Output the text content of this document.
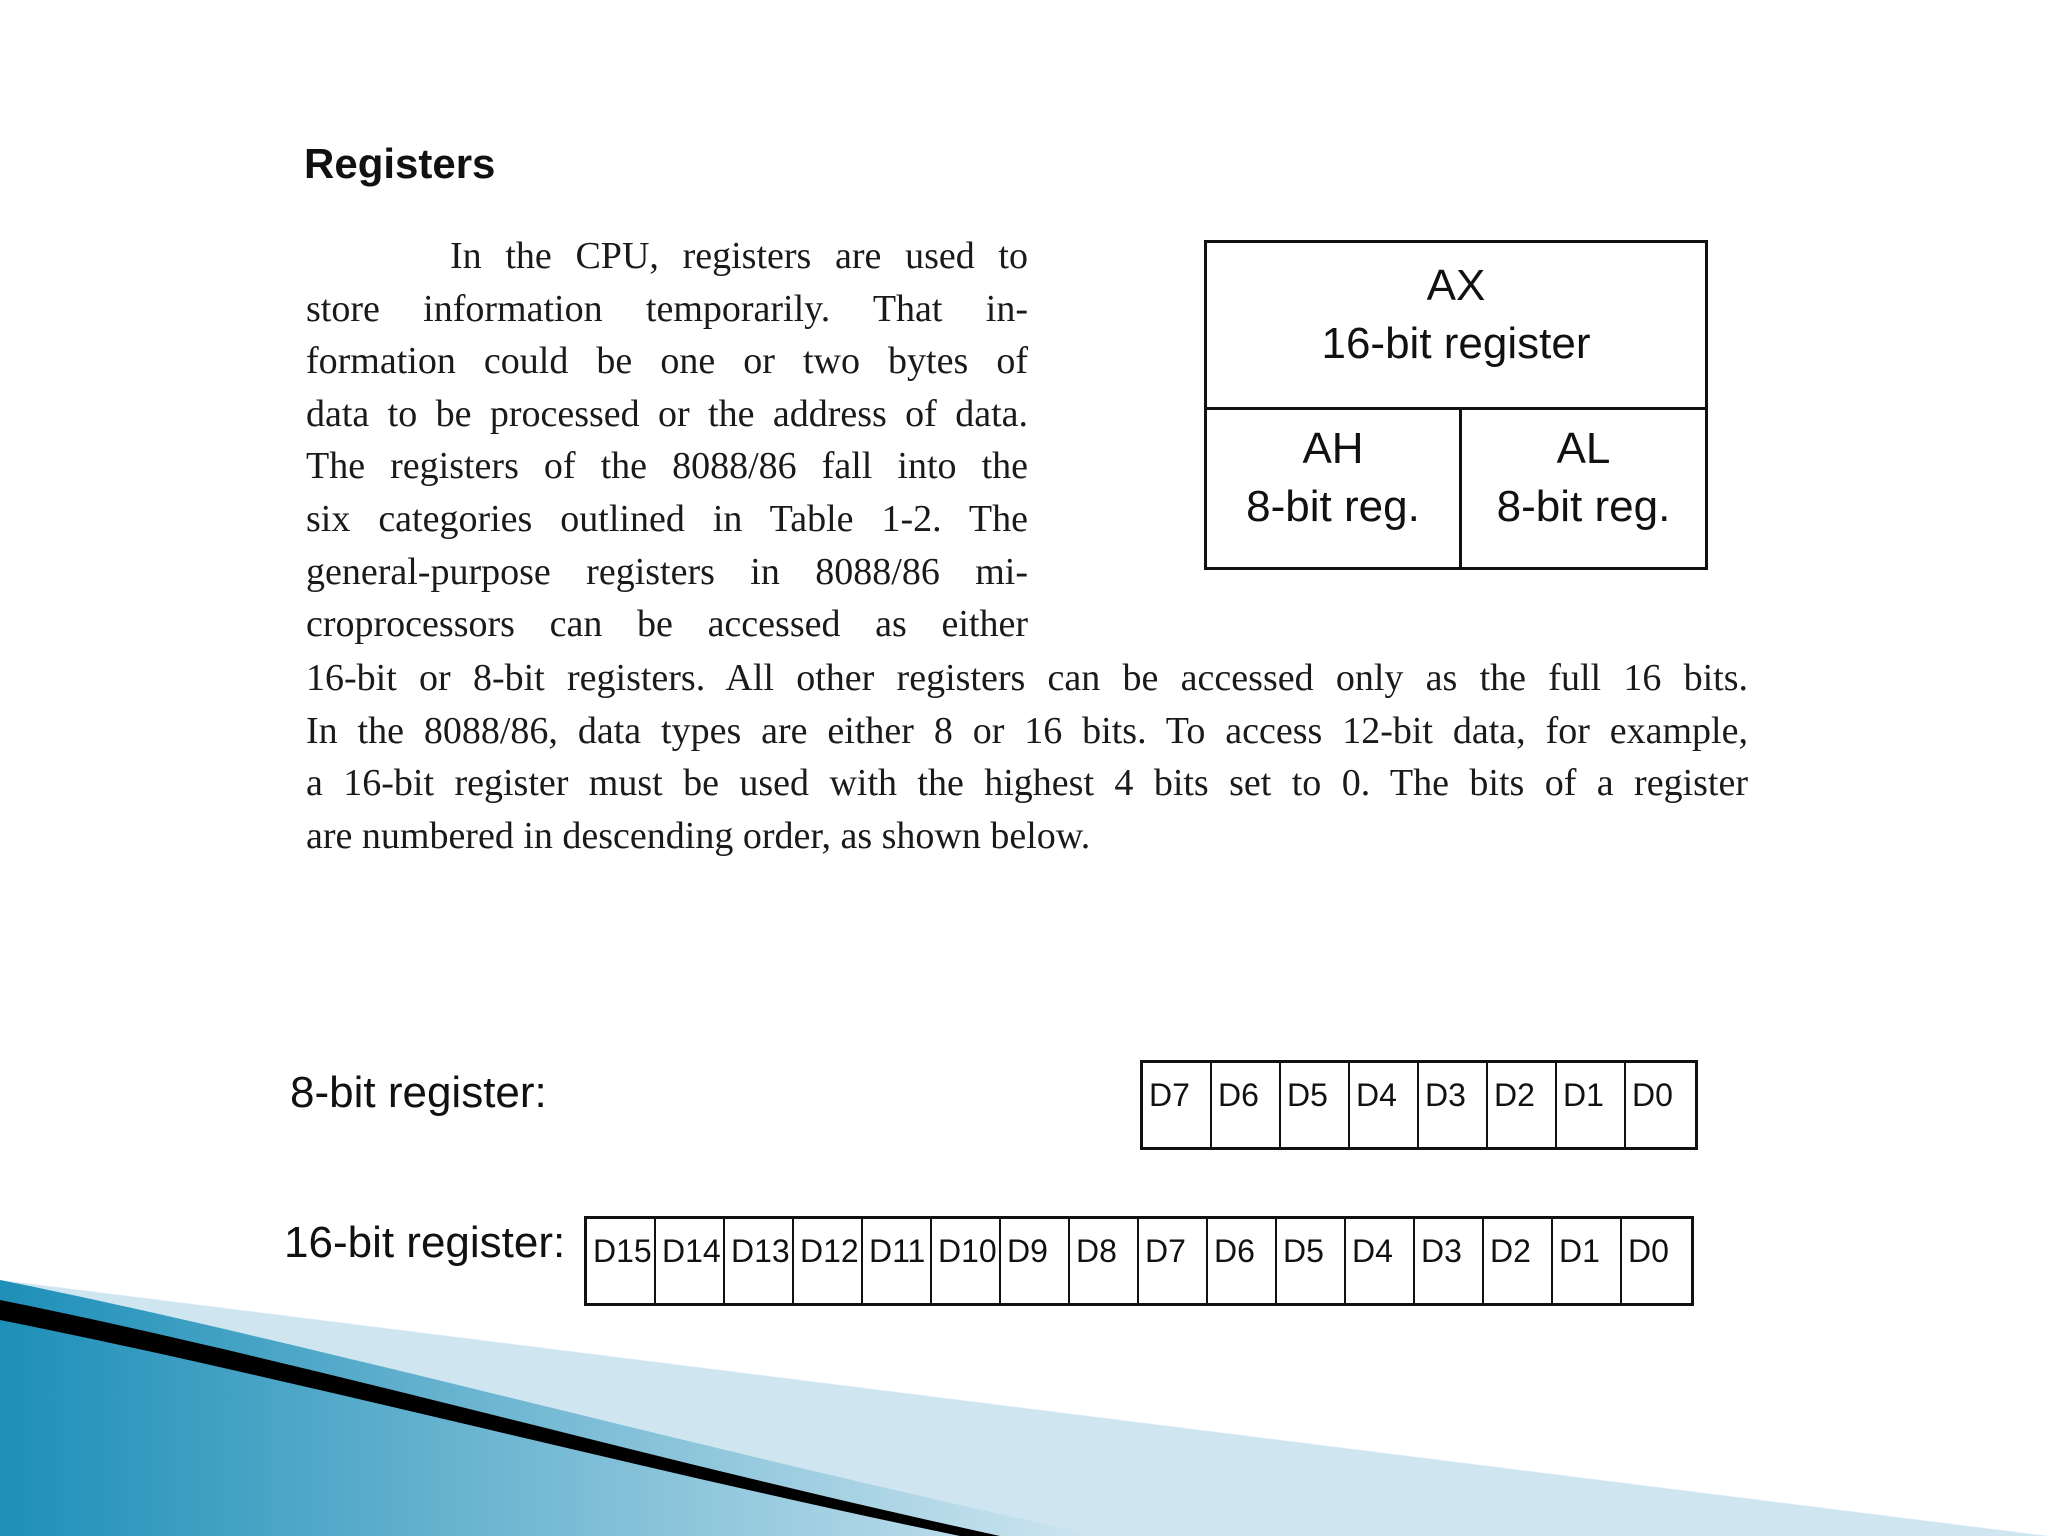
Registers
In the CPU, registers are used to
store information temporarily. That in-
formation could be one or two bytes of
data to be processed or the address of data.
The registers of the 8088/86 fall into the
six categories outlined in Table 1-2. The
general-purpose registers in 8088/86 mi-
croprocessors can be accessed as either
16-bit or 8-bit registers. All other registers can be accessed only as the full 16 bits.
In the 8088/86, data types are either 8 or 16 bits. To access 12-bit data, for example,
a 16-bit register must be used with the highest 4 bits set to 0. The bits of a register
are numbered in descending order, as shown below.
AX
16-bit register
AH
8-bit reg.
AL
8-bit reg.
8-bit register:	D7 D6 D5 D4 D3 D2 D1 D0
16-bit register: D15 D14 D13 D12 D11 D10 D9 D8 D7 D6 D5 D4 D3 D2 D1 D0
